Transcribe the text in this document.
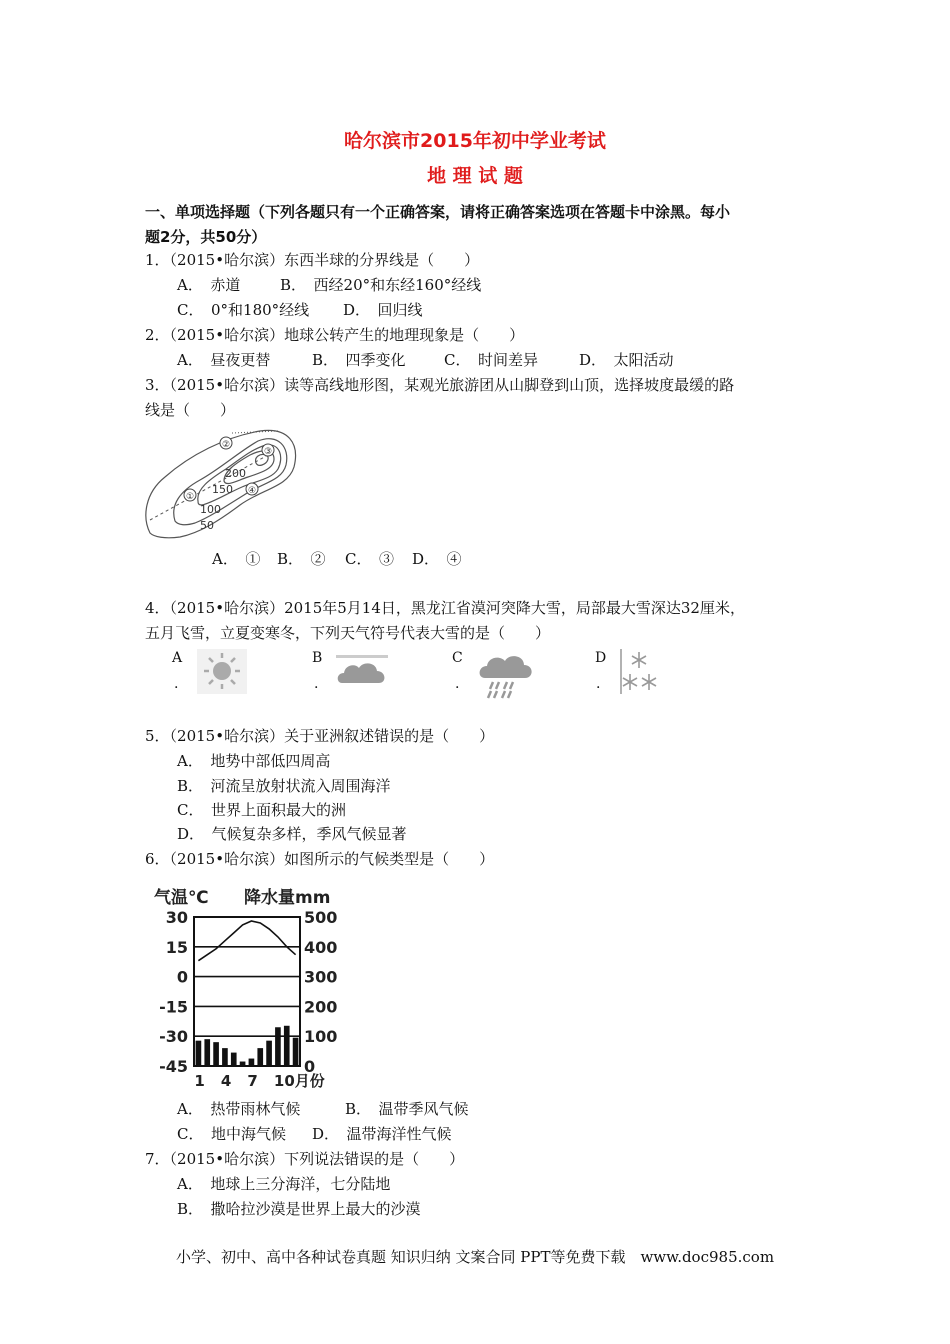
哈尔滨市2015年初中学业考试
地 理 试 题
一、单项选择题（下列各题只有一个正确答案，请将正确答案选项在答题卡中涂黑。每小
题2分，共50分）
1．（2015•哈尔滨）东西半球的分界线是（　　）
A．　赤道	B．　西经20°和东经160°经线
C．　0°和180°经线 D．　回归线
2．（2015•哈尔滨）地球公转产生的地理现象是（　　）
A．　昼夜更替	B．　四季变化	C．　时间差异	D．　太阳活动
3．（2015•哈尔滨）读等高线地形图，某观光旅游团从山脚登到山顶，选择坡度最缓的路
线是（　　）
①
②
③
④
200
150
100
50
A．　① B．　② C．　③ D．　④
4．（2015•哈尔滨）2015年5月14日，黑龙江省漠河突降大雪，局部最大雪深达32厘米，
五月飞雪，立夏变寒冬，下列天气符号代表大雪的是（　　）
A
.
B
.
C
.
D
.
5．（2015•哈尔滨）关于亚洲叙述错误的是（　　）
A．　地势中部低四周高
B．　河流呈放射状流入周围海洋
C．　世界上面积最大的洲
D．　气候复杂多样，季风气候显著
6．（2015•哈尔滨）如图所示的气候类型是（　　）
气温℃ 降水量mm
30
15
0
-15
-30
-45
500
400
300
200
100
0
1 4 7 10月份
A．　热带雨林气候	B．　温带季风气候
C．　地中海气候 D．　温带海洋性气候
7．（2015•哈尔滨）下列说法错误的是（　　）
A．　地球上三分海洋，七分陆地
B．　撒哈拉沙漠是世界上最大的沙漠
小学、初中、高中各种试卷真题 知识归纳 文案合同 PPT等免费下载　www.doc985.com
